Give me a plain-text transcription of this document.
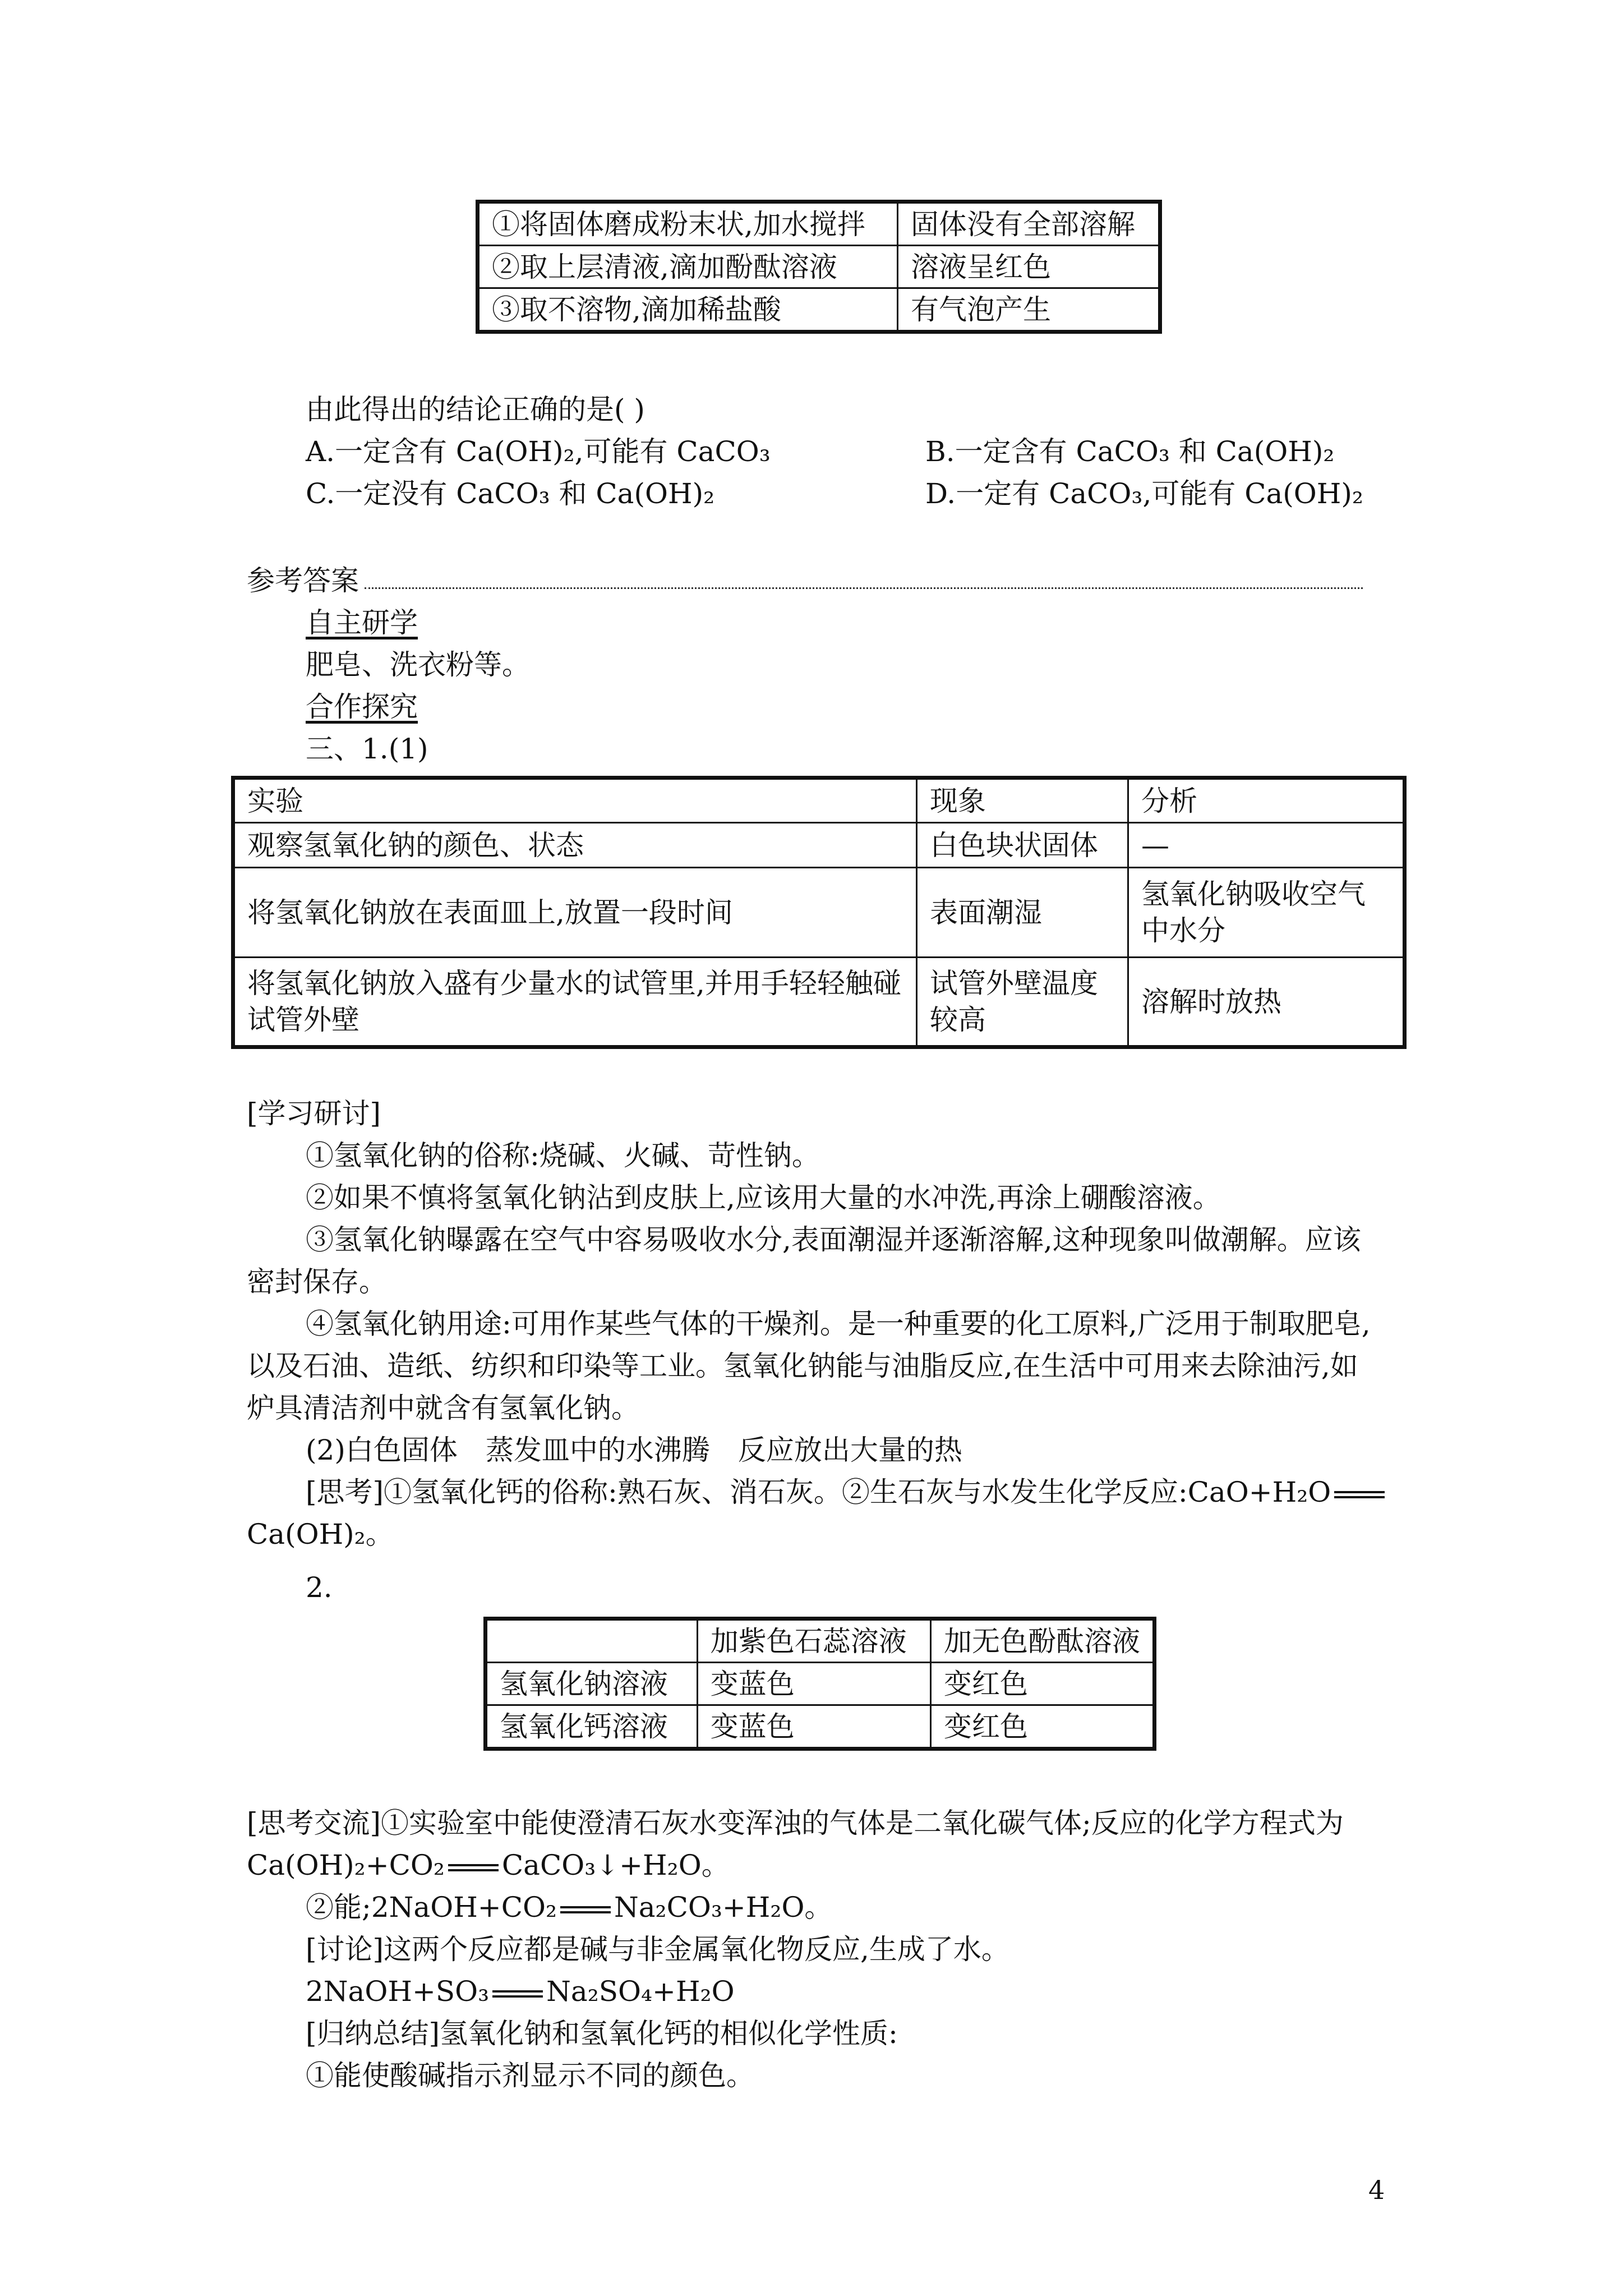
①将固体磨成粉末状,加水搅拌	固体没有全部溶解
②取上层清液,滴加酚酞溶液	溶液呈红色
③取不溶物,滴加稀盐酸	有气泡产生
由此得出的结论正确的是( )
A.一定含有 Ca(OH)₂,可能有 CaCO₃	B.一定含有 CaCO₃ 和 Ca(OH)₂
C.一定没有 CaCO₃ 和 Ca(OH)₂	D.一定有 CaCO₃,可能有 Ca(OH)₂
参考答案
自主研学
肥皂、洗衣粉等。
合作探究
三、1.(1)
实验	现象	分析
观察氢氧化钠的颜色、状态	白色块状固体	—
将氢氧化钠放在表面皿上,放置一段时间	表面潮湿	氢氧化钠吸收空气中水分
将氢氧化钠放入盛有少量水的试管里,并用手轻轻触碰试管外壁	试管外壁温度较高	溶解时放热
[学习研讨]
①氢氧化钠的俗称:烧碱、火碱、苛性钠。
②如果不慎将氢氧化钠沾到皮肤上,应该用大量的水冲洗,再涂上硼酸溶液。
③氢氧化钠曝露在空气中容易吸收水分,表面潮湿并逐渐溶解,这种现象叫做潮解。应该
密封保存。
④氢氧化钠用途:可用作某些气体的干燥剂。是一种重要的化工原料,广泛用于制取肥皂,
以及石油、造纸、纺织和印染等工业。氢氧化钠能与油脂反应,在生活中可用来去除油污,如
炉具清洁剂中就含有氢氧化钠。
(2)白色固体　蒸发皿中的水沸腾　反应放出大量的热
[思考]①氢氧化钙的俗称:熟石灰、消石灰。②生石灰与水发生化学反应:CaO+H₂O
Ca(OH)₂。
2.
	加紫色石蕊溶液	加无色酚酞溶液
氢氧化钠溶液	变蓝色	变红色
氢氧化钙溶液	变蓝色	变红色
[思考交流]①实验室中能使澄清石灰水变浑浊的气体是二氧化碳气体;反应的化学方程式为
Ca(OH)₂+CO₂ CaCO₃↓+H₂O。
②能;2NaOH+CO₂ Na₂CO₃+H₂O。
[讨论]这两个反应都是碱与非金属氧化物反应,生成了水。
2NaOH+SO₃ Na₂SO₄+H₂O
[归纳总结]氢氧化钠和氢氧化钙的相似化学性质:
①能使酸碱指示剂显示不同的颜色。
4
